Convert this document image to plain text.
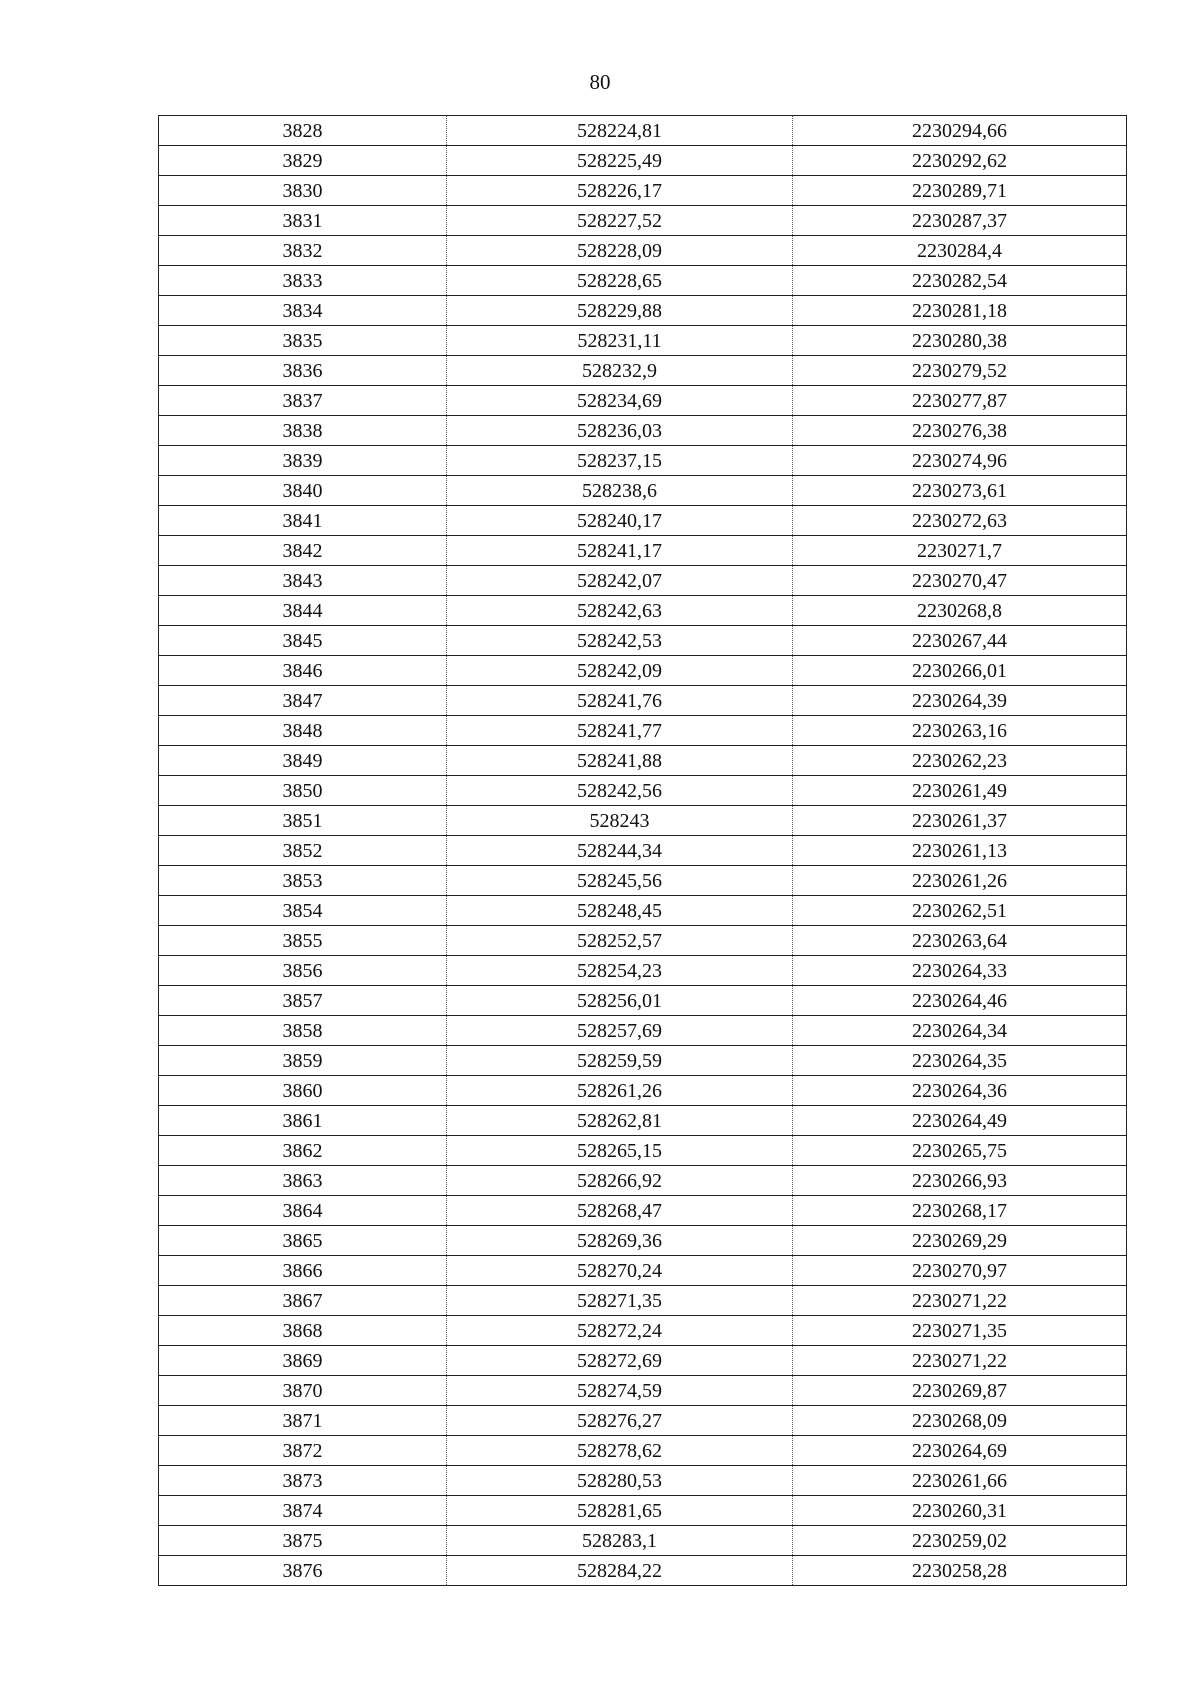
80
3828	528224,81	2230294,66
3829	528225,49	2230292,62
3830	528226,17	2230289,71
3831	528227,52	2230287,37
3832	528228,09	2230284,4
3833	528228,65	2230282,54
3834	528229,88	2230281,18
3835	528231,11	2230280,38
3836	528232,9	2230279,52
3837	528234,69	2230277,87
3838	528236,03	2230276,38
3839	528237,15	2230274,96
3840	528238,6	2230273,61
3841	528240,17	2230272,63
3842	528241,17	2230271,7
3843	528242,07	2230270,47
3844	528242,63	2230268,8
3845	528242,53	2230267,44
3846	528242,09	2230266,01
3847	528241,76	2230264,39
3848	528241,77	2230263,16
3849	528241,88	2230262,23
3850	528242,56	2230261,49
3851	528243	2230261,37
3852	528244,34	2230261,13
3853	528245,56	2230261,26
3854	528248,45	2230262,51
3855	528252,57	2230263,64
3856	528254,23	2230264,33
3857	528256,01	2230264,46
3858	528257,69	2230264,34
3859	528259,59	2230264,35
3860	528261,26	2230264,36
3861	528262,81	2230264,49
3862	528265,15	2230265,75
3863	528266,92	2230266,93
3864	528268,47	2230268,17
3865	528269,36	2230269,29
3866	528270,24	2230270,97
3867	528271,35	2230271,22
3868	528272,24	2230271,35
3869	528272,69	2230271,22
3870	528274,59	2230269,87
3871	528276,27	2230268,09
3872	528278,62	2230264,69
3873	528280,53	2230261,66
3874	528281,65	2230260,31
3875	528283,1	2230259,02
3876	528284,22	2230258,28
